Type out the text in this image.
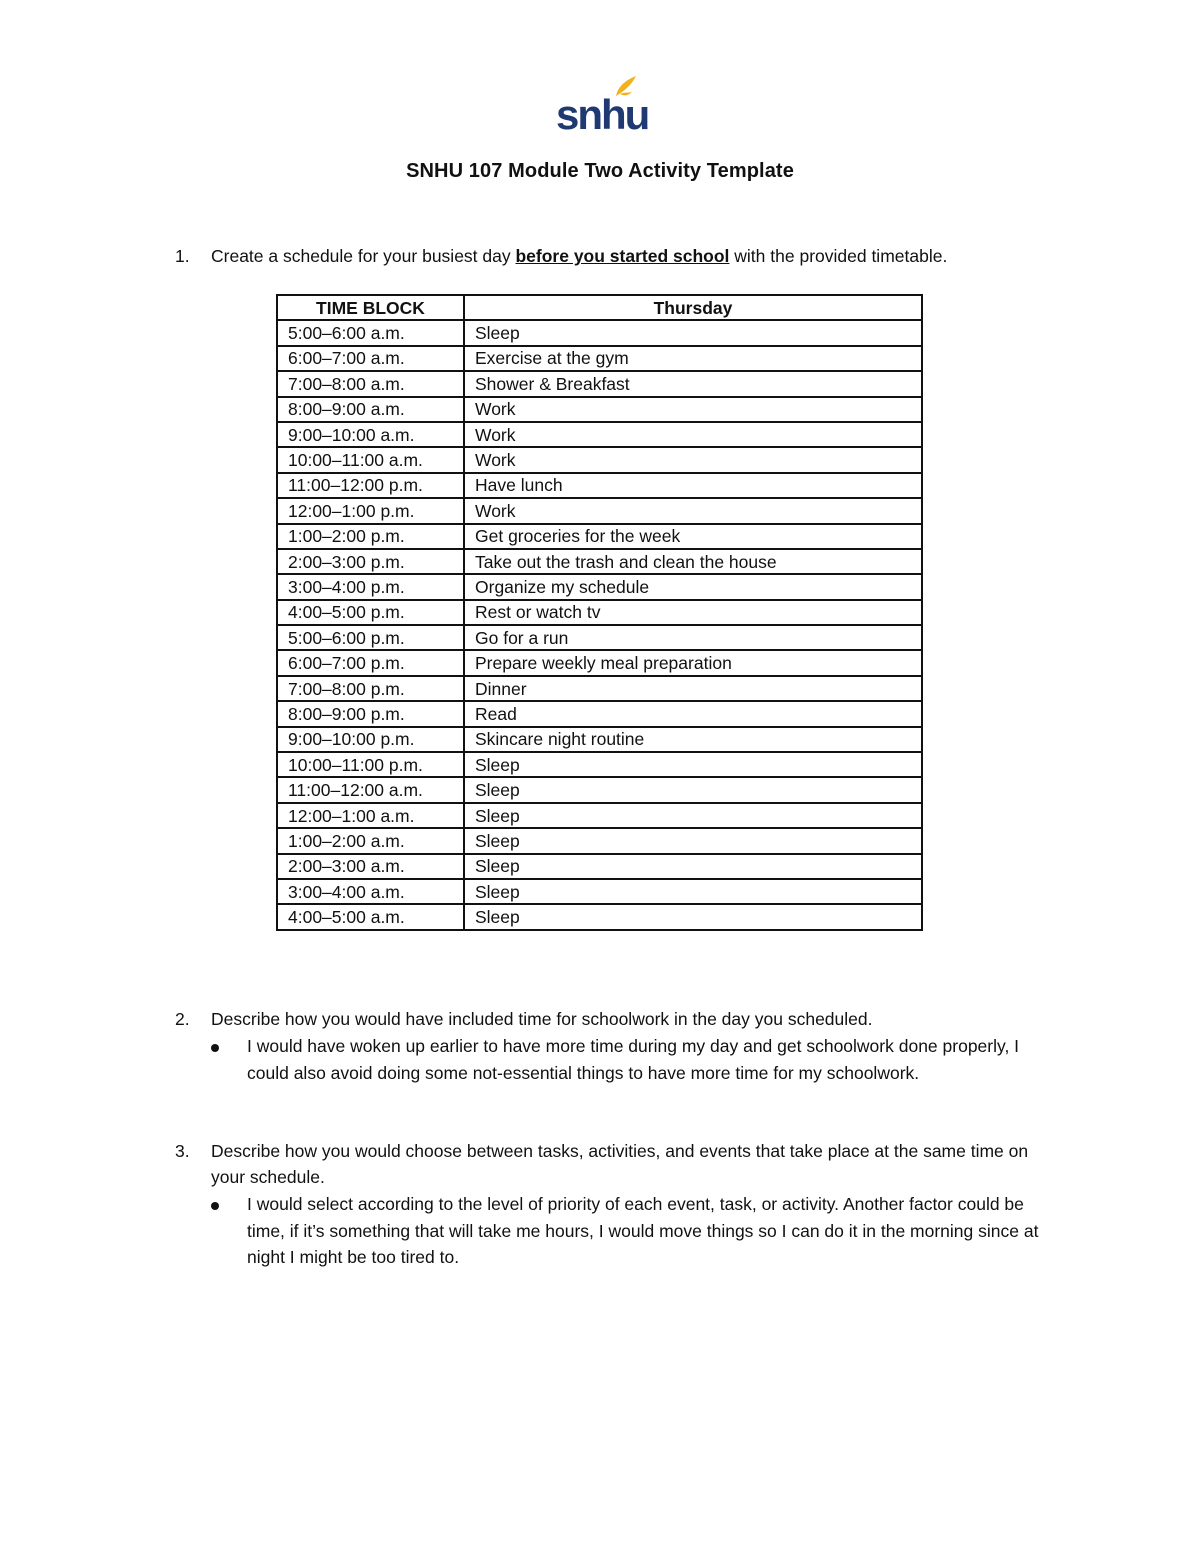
snhu
SNHU 107 Module Two Activity Template
1. Create a schedule for your busiest day before you started school with the provided timetable.
TIME BLOCK	Thursday
5:00–6:00 a.m.	Sleep
6:00–7:00 a.m.	Exercise at the gym
7:00–8:00 a.m.	Shower & Breakfast
8:00–9:00 a.m.	Work
9:00–10:00 a.m.	Work
10:00–11:00 a.m.	Work
11:00–12:00 p.m.	Have lunch
12:00–1:00 p.m.	Work
1:00–2:00 p.m.	Get groceries for the week
2:00–3:00 p.m.	Take out the trash and clean the house
3:00–4:00 p.m.	Organize my schedule
4:00–5:00 p.m.	Rest or watch tv
5:00–6:00 p.m.	Go for a run
6:00–7:00 p.m.	Prepare weekly meal preparation
7:00–8:00 p.m.	Dinner
8:00–9:00 p.m.	Read
9:00–10:00 p.m.	Skincare night routine
10:00–11:00 p.m.	Sleep
11:00–12:00 a.m.	Sleep
12:00–1:00 a.m.	Sleep
1:00–2:00 a.m.	Sleep
2:00–3:00 a.m.	Sleep
3:00–4:00 a.m.	Sleep
4:00–5:00 a.m.	Sleep
2. Describe how you would have included time for schoolwork in the day you scheduled.
I would have woken up earlier to have more time during my day and get schoolwork done properly, I could also avoid doing some not-essential things to have more time for my schoolwork.
3. Describe how you would choose between tasks, activities, and events that take place at the same time on your schedule.
I would select according to the level of priority of each event, task, or activity. Another factor could be time, if it’s something that will take me hours, I would move things so I can do it in the morning since at night I might be too tired to.
